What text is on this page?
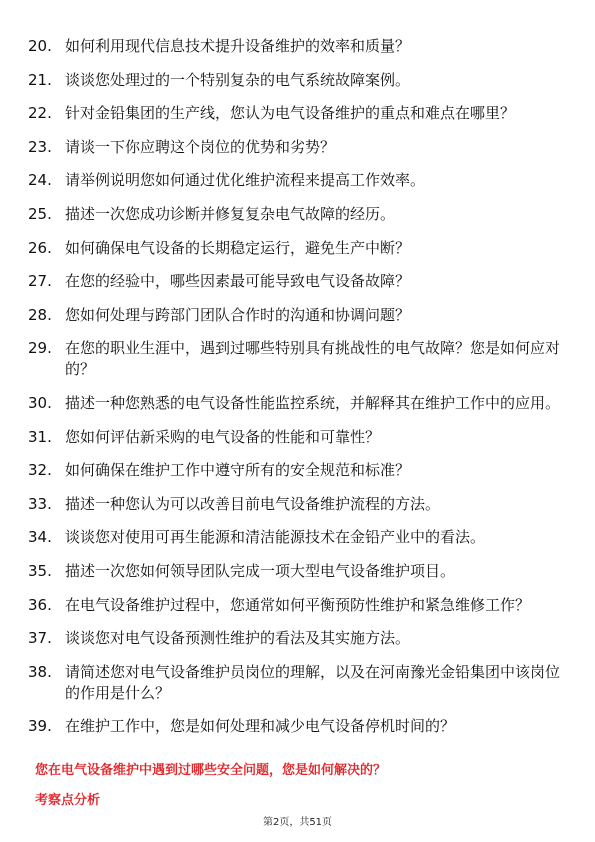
20. 如何利用现代信息技术提升设备维护的效率和质量？
21. 谈谈您处理过的一个特别复杂的电气系统故障案例。
22. 针对金铅集团的生产线，您认为电气设备维护的重点和难点在哪里？
23. 请谈一下你应聘这个岗位的优势和劣势？
24. 请举例说明您如何通过优化维护流程来提高工作效率。
25. 描述一次您成功诊断并修复复杂电气故障的经历。
26. 如何确保电气设备的长期稳定运行，避免生产中断？
27. 在您的经验中，哪些因素最可能导致电气设备故障？
28. 您如何处理与跨部门团队合作时的沟通和协调问题？
29. 在您的职业生涯中，遇到过哪些特别具有挑战性的电气故障？您是如何应对的？
30. 描述一种您熟悉的电气设备性能监控系统，并解释其在维护工作中的应用。
31. 您如何评估新采购的电气设备的性能和可靠性？
32. 如何确保在维护工作中遵守所有的安全规范和标准？
33. 描述一种您认为可以改善目前电气设备维护流程的方法。
34. 谈谈您对使用可再生能源和清洁能源技术在金铅产业中的看法。
35. 描述一次您如何领导团队完成一项大型电气设备维护项目。
36. 在电气设备维护过程中，您通常如何平衡预防性维护和紧急维修工作？
37. 谈谈您对电气设备预测性维护的看法及其实施方法。
38. 请简述您对电气设备维护员岗位的理解，以及在河南豫光金铅集团中该岗位的作用是什么？
39. 在维护工作中，您是如何处理和减少电气设备停机时间的？
您在电气设备维护中遇到过哪些安全问题，您是如何解决的？
考察点分析
第2页，共51页
